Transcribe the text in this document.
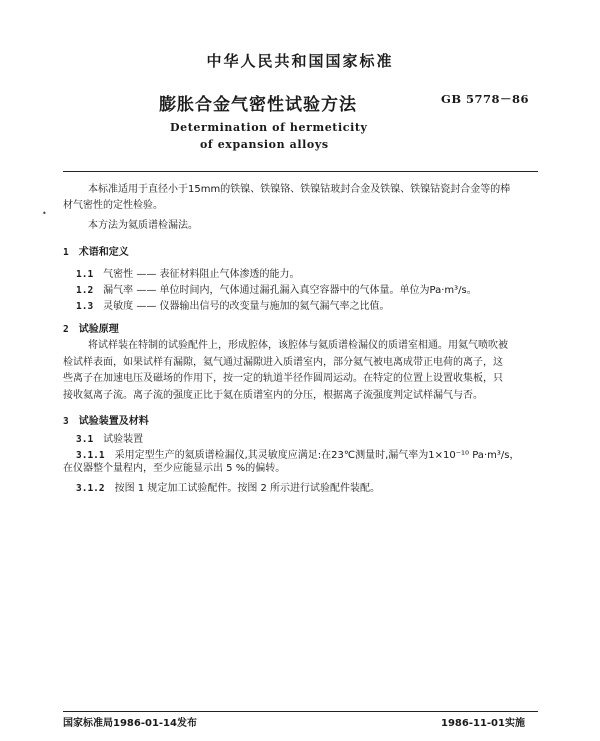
中华人民共和国国家标准
膨胀合金气密性试验方法	GB 5778－86
Determination of hermeticity
of expansion alloys
•
本标准适用于直径小于15mm的铁镍、铁镍铬、铁镍钴玻封合金及铁镍、铁镍钴瓷封合金等的棒
材气密性的定性检验。
本方法为氦质谱检漏法。
1 术语和定义
1.1 气密性 —— 表征材料阻止气体渗透的能力。
1.2 漏气率 —— 单位时间内，气体通过漏孔漏入真空容器中的气体量。单位为Pa·m³/s。
1.3 灵敏度 —— 仪器输出信号的改变量与施加的氦气漏气率之比值。
2 试验原理
将试样装在特制的试验配件上，形成腔体，该腔体与氦质谱检漏仪的质谱室相通。用氦气喷吹被
检试样表面，如果试样有漏隙，氦气通过漏隙进入质谱室内，部分氦气被电离成带正电荷的离子，这
些离子在加速电压及磁场的作用下，按一定的轨道半径作圆周运动。在特定的位置上设置收集板，只
接收氦离子流。离子流的强度正比于氦在质谱室内的分压，根据离子流强度判定试样漏气与否。
3 试验装置及材料
3.1 试验装置
3.1.1 采用定型生产的氦质谱检漏仪,其灵敏度应满足:在23℃测量时,漏气率为1×10⁻¹⁰ Pa·m³/s，
在仪器整个量程内，至少应能显示出 5 %的偏转。
3.1.2 按图 1 规定加工试验配件。按图 2 所示进行试验配件装配。
国家标准局1986-01-14发布	1986-11-01实施
